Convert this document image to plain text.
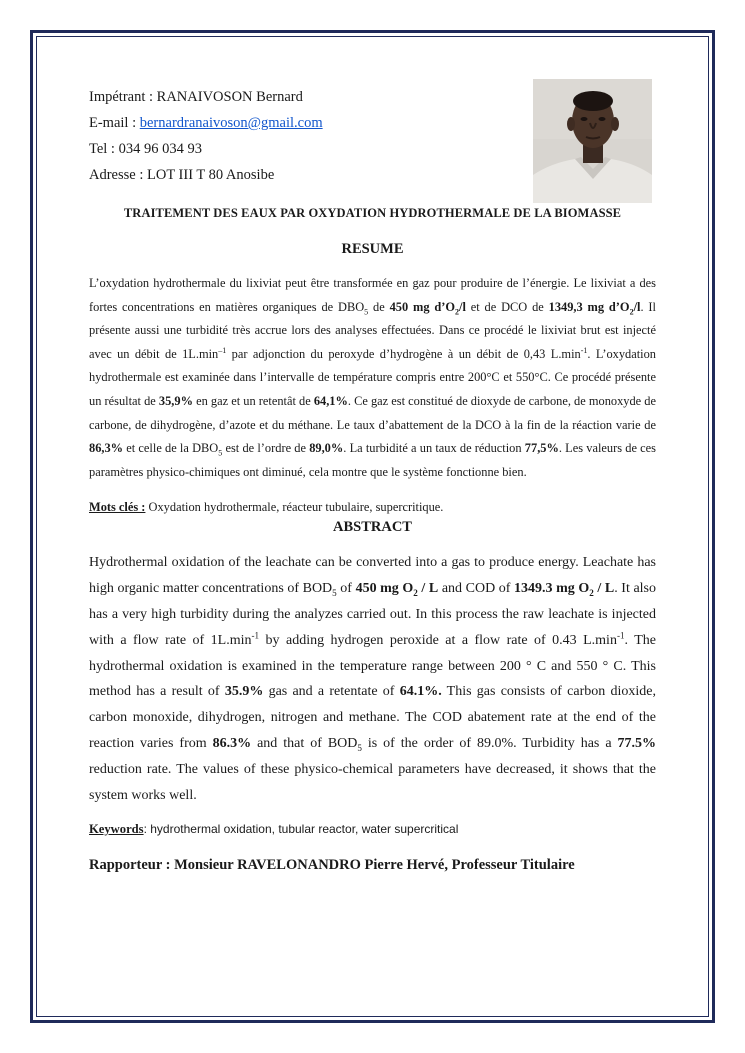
Impétrant : RANAIVOSON Bernard

E-mail : bernardranaivoson@gmail.com

Tel : 034 96 034 93

Adresse : LOT III T 80 Anosibe

TRAITEMENT DES EAUX PAR OXYDATION HYDROTHERMALE DE LA BIOMASSE

RESUME

L’oxydation hydrothermale du lixiviat peut être transformée en gaz pour produire de l’énergie. Le lixiviat a des fortes concentrations en matières organiques de $DBO_5$ de 450 mg $d’O_2/l$ et de DCO de 1349,3 mg $d’O_2/l$. Il présente aussi une turbidité très accrue lors des analyses effectuées. Dans ce procédé le lixiviat brut est injecté avec un débit de $1L.\min^{-1}$ par adjonction du peroxyde d’hydrogène à un débit de 0,43 $L.\min^{-1}$. L’oxydation hydrothermale est examinée dans l’intervalle de température compris entre 200°C et 550°C. Ce procédé présente un résultat de 35,9% en gaz et un retentât de 64,1%. Ce gaz est constitué de dioxyde de carbone, de monoxyde de carbone, de dihydrogène, d’azote et du méthane. Le taux d’abattement de la DCO à la fin de la réaction varie de 86,3% et celle de la $DBO_5$ est de l’ordre de 89,0%. La turbidité a un taux de réduction 77,5%. Les valeurs de ces paramètres physico-chimiques ont diminué, cela montre que le système fonctionne bien.

Mots clés : Oxydation hydrothermale, réacteur tubulaire, supercritique.

ABSTRACT

Hydrothermal oxidation of the leachate can be converted into a gas to produce energy. Leachate has high organic matter concentrations of $BOD_5$ of 450 mg $O_2$ / L and COD of 1349.3 mg $O_2$ / L. It also has a very high turbidity during the analyzes carried out. In this process the raw leachate is injected with a flow rate of $1L.\min^{-1}$ by adding hydrogen peroxide at a flow rate of 0.43 $L.\min^{-1}$. The hydrothermal oxidation is examined in the temperature range between 200 ° C and 550 ° C. This method has a result of 35.9% gas and a retentate of 64.1%. This gas consists of carbon dioxide, carbon monoxide, dihydrogen, nitrogen and methane. The COD abatement rate at the end of the reaction varies from 86.3% and that of $BOD_5$ is of the order of 89.0%. Turbidity has a 77.5% reduction rate. The values of these physico-chemical parameters have decreased, it shows that the system works well.

Keywords: hydrothermal oxidation, tubular reactor, water supercritical

Rapporteur : Monsieur RAVELONANDRO Pierre Hervé, Professeur Titulaire
